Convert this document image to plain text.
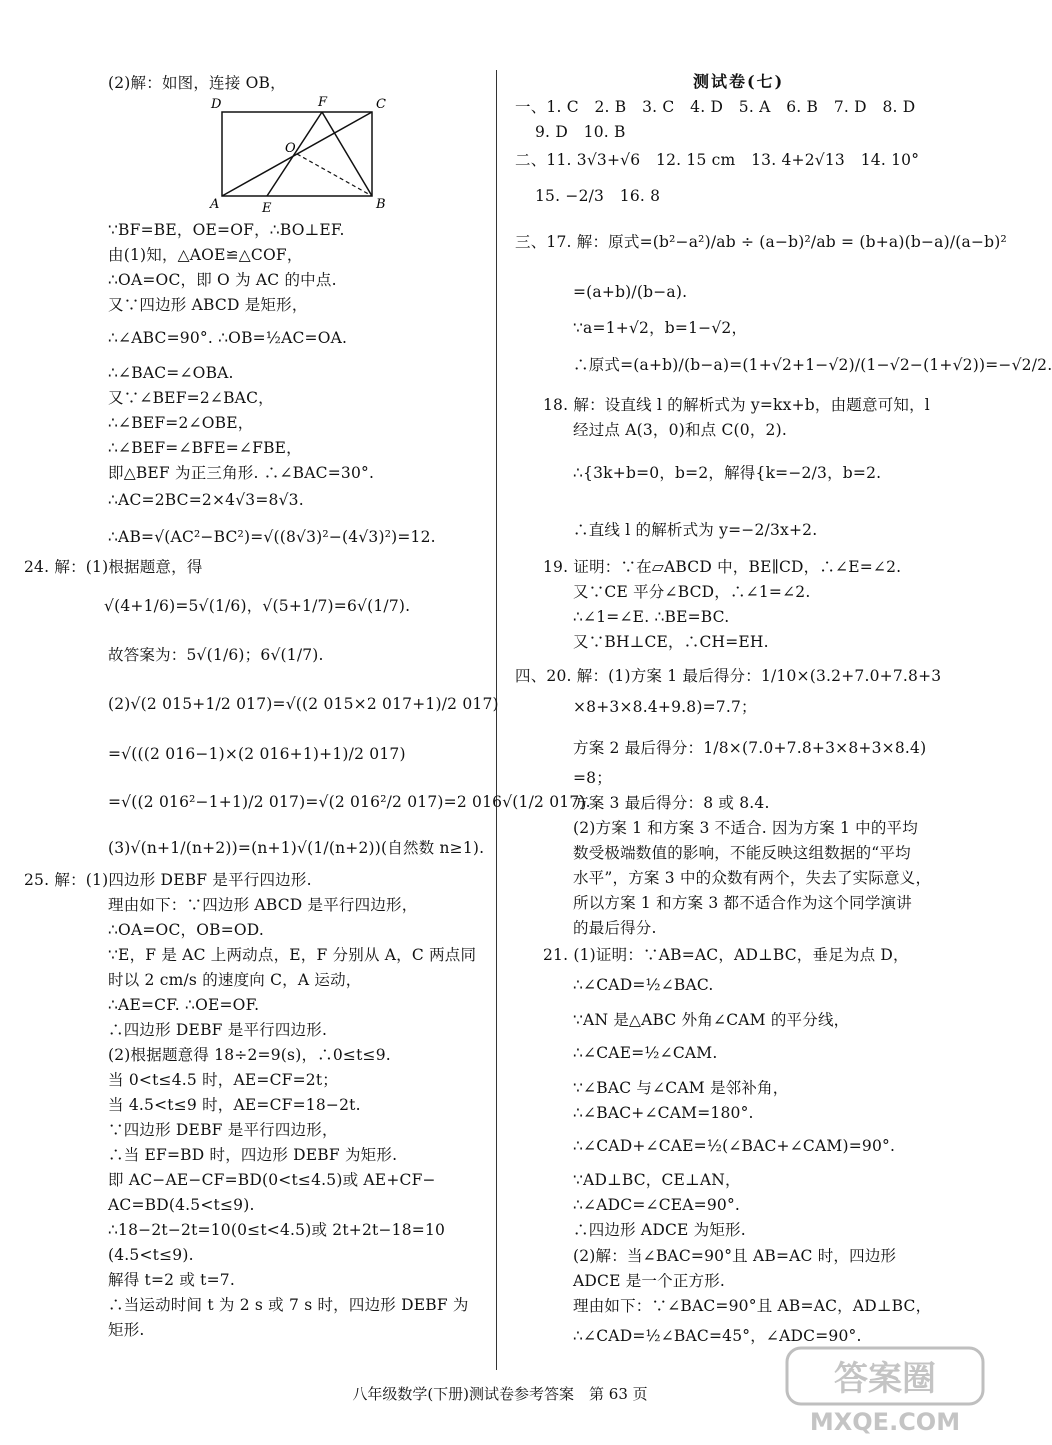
(2)解：如图，连接 OB，
∵BF=BE，OE=OF，∴BO⊥EF.
由(1)知，△AOE≌△COF，
∴OA=OC，即 O 为 AC 的中点.
又∵四边形 ABCD 是矩形，
∴∠ABC=90°. ∴OB=½AC=OA.
∴∠BAC=∠OBA.
又∵∠BEF=2∠BAC，
∴∠BEF=2∠OBE，
∴∠BEF=∠BFE=∠FBE，
即△BEF 为正三角形. ∴∠BAC=30°.
∴AC=2BC=2×4√3=8√3.
∴AB=√(AC²−BC²)=√((8√3)²−(4√3)²)=12.
24. 解：(1)根据题意，得
√(4+1/6)=5√(1/6)，√(5+1/7)=6√(1/7).
故答案为：5√(1/6)；6√(1/7).
(2)√(2 015+1/2 017)=√((2 015×2 017+1)/2 017)
=√(((2 016−1)×(2 016+1)+1)/2 017)
=√((2 016²−1+1)/2 017)=√(2 016²/2 017)=2 016√(1/2 017).
(3)√(n+1/(n+2))=(n+1)√(1/(n+2))(自然数 n≥1).
25. 解：(1)四边形 DEBF 是平行四边形.
理由如下：∵四边形 ABCD 是平行四边形，
∴OA=OC，OB=OD.
∵E，F 是 AC 上两动点，E，F 分别从 A，C 两点同
时以 2 cm/s 的速度向 C，A 运动，
∴AE=CF. ∴OE=OF.
∴四边形 DEBF 是平行四边形.
(2)根据题意得 18÷2=9(s)，∴0≤t≤9.
当 0<t≤4.5 时，AE=CF=2t；
当 4.5<t≤9 时，AE=CF=18−2t.
∵四边形 DEBF 是平行四边形，
∴当 EF=BD 时，四边形 DEBF 为矩形.
即 AC−AE−CF=BD(0<t≤4.5)或 AE+CF−
AC=BD(4.5<t≤9).
∴18−2t−2t=10(0≤t<4.5)或 2t+2t−18=10
(4.5<t≤9).
解得 t=2 或 t=7.
∴当运动时间 t 为 2 s 或 7 s 时，四边形 DEBF 为
矩形.
D	F	C
O
A	E	B
测试卷(七)
一、1. C　2. B　3. C　4. D　5. A　6. B　7. D　8. D
9. D　10. B
二、11. 3√3+√6　12. 15 cm　13. 4+2√13　14. 10°
15. −2/3　16. 8
三、17. 解：原式=(b²−a²)/ab ÷ (a−b)²/ab = (b+a)(b−a)/(a−b)²
=(a+b)/(b−a).
∵a=1+√2，b=1−√2，
∴原式=(a+b)/(b−a)=(1+√2+1−√2)/(1−√2−(1+√2))=−√2/2.
18. 解：设直线 l 的解析式为 y=kx+b，由题意可知，l
经过点 A(3，0)和点 C(0，2).
∴{3k+b=0，b=2，解得{k=−2/3，b=2.
∴直线 l 的解析式为 y=−2/3x+2.
19. 证明：∵在▱ABCD 中，BE∥CD，∴∠E=∠2.
又∵CE 平分∠BCD，∴∠1=∠2.
∴∠1=∠E. ∴BE=BC.
又∵BH⊥CE，∴CH=EH.
四、20. 解：(1)方案 1 最后得分：1/10×(3.2+7.0+7.8+3
×8+3×8.4+9.8)=7.7；
方案 2 最后得分：1/8×(7.0+7.8+3×8+3×8.4)
=8；
方案 3 最后得分：8 或 8.4.
(2)方案 1 和方案 3 不适合. 因为方案 1 中的平均
数受极端数值的影响，不能反映这组数据的“平均
水平”，方案 3 中的众数有两个，失去了实际意义，
所以方案 1 和方案 3 都不适合作为这个同学演讲
的最后得分.
21. (1)证明：∵AB=AC，AD⊥BC，垂足为点 D，
∴∠CAD=½∠BAC.
∵AN 是△ABC 外角∠CAM 的平分线，
∴∠CAE=½∠CAM.
∵∠BAC 与∠CAM 是邻补角，
∴∠BAC+∠CAM=180°.
∴∠CAD+∠CAE=½(∠BAC+∠CAM)=90°.
∵AD⊥BC，CE⊥AN，
∴∠ADC=∠CEA=90°.
∴四边形 ADCE 为矩形.
(2)解：当∠BAC=90°且 AB=AC 时，四边形
ADCE 是一个正方形.
理由如下：∵∠BAC=90°且 AB=AC，AD⊥BC，
∴∠CAD=½∠BAC=45°，∠ADC=90°.
八年级数学(下册)测试卷参考答案　第 63 页	答案圈
MXQE.COM
